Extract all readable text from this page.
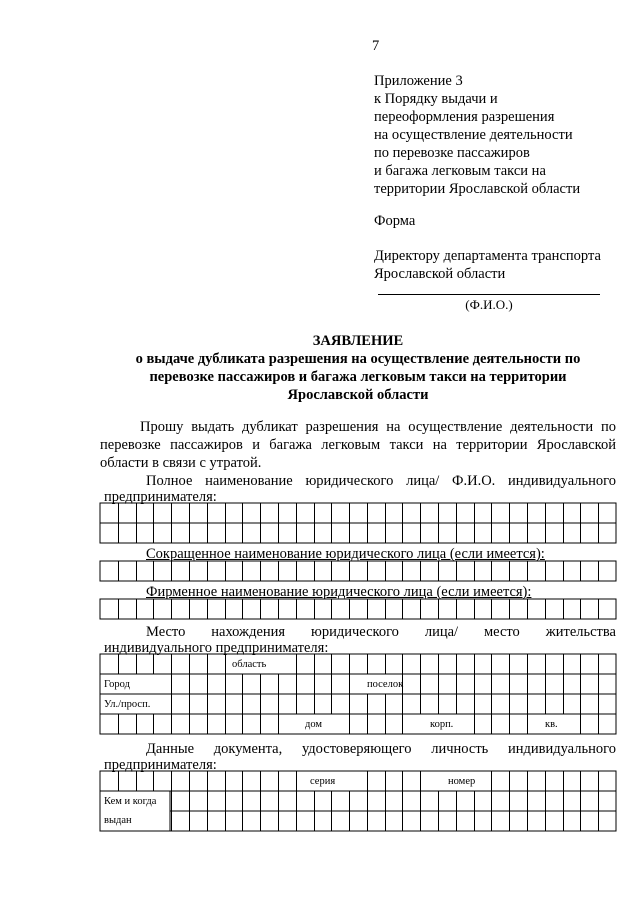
7
Приложение 3
к Порядку выдачи и
переоформления разрешения
на осуществление деятельности
по перевозке пассажиров
и багажа легковым такси на
территории Ярославской области
Форма
Директору департамента транспорта
Ярославской области
(Ф.И.О.)
ЗАЯВЛЕНИЕ
о выдаче дубликата разрешения на осуществление деятельности по
перевозке пассажиров и багажа легковым такси на территории
Ярославской области
Прошу выдать дубликат разрешения на осуществление деятельности по
перевозке пассажиров и багажа легковым такси на территории Ярославской
области в связи с утратой.
Полное наименование юридического лица/ Ф.И.О. индивидуального
предпринимателя:
Сокращенное наименование юридического лица (если имеется):
Фирменное наименование юридического лица (если имеется):
Место нахождения юридического лица/ место жительства
индивидуального предпринимателя:
область
Город	поселок
Ул./просп.
дом	корп.	кв.
Данные документа, удостоверяющего личность индивидуального
предпринимателя:
серия	номер
Кем и когда
выдан
